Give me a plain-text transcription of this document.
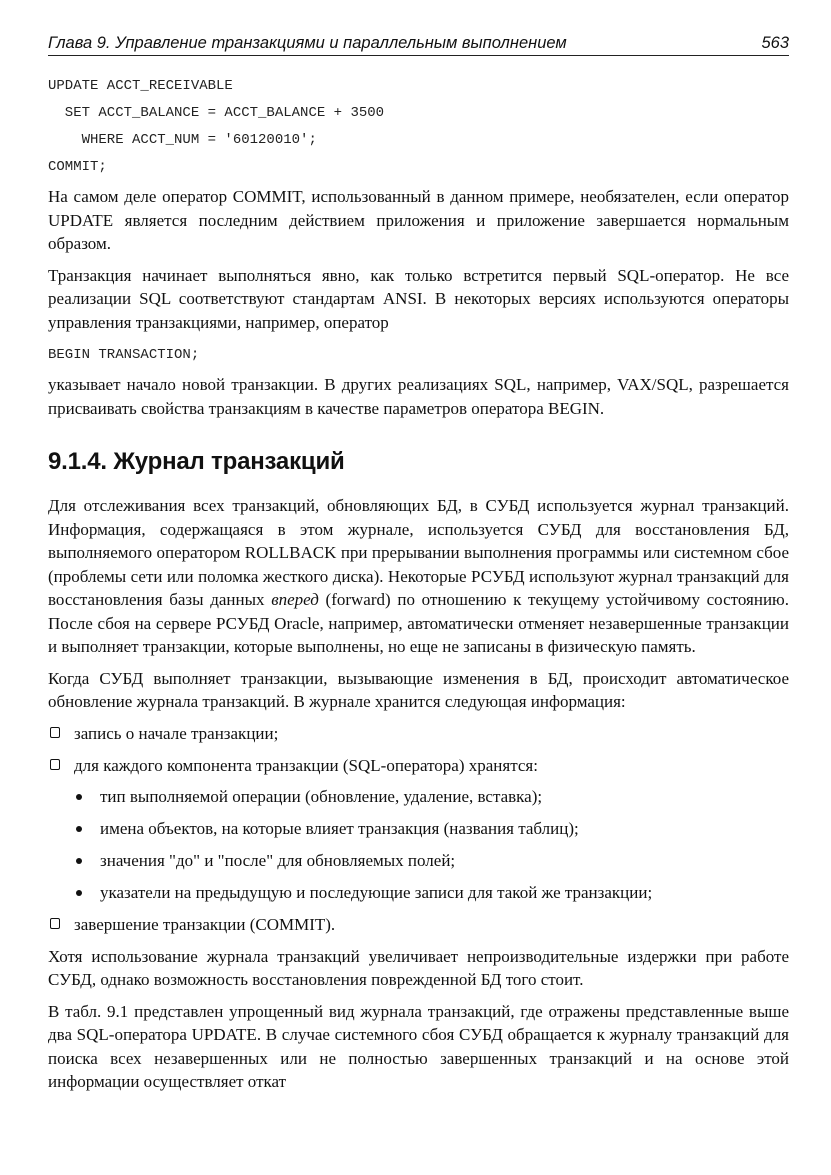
Глава 9. Управление транзакциями и параллельным выполнением	563
UPDATE ACCT_RECEIVABLE
SET ACCT_BALANCE = ACCT_BALANCE + 3500
WHERE ACCT_NUM = '60120010';
COMMIT;

На самом деле оператор COMMIT, использованный в данном примере, необязателен, если оператор UPDATE является последним действием приложения и приложение завершается нормальным образом.

Транзакция начинает выполняться явно, как только встретится первый SQL-оператор. Не все реализации SQL соответствуют стандартам ANSI. В некоторых версиях используются операторы управления транзакциями, например, оператор

BEGIN TRANSACTION;

указывает начало новой транзакции. В других реализациях SQL, например, VAX/SQL, разрешается присваивать свойства транзакциям в качестве параметров оператора BEGIN.

9.1.4. Журнал транзакций

Для отслеживания всех транзакций, обновляющих БД, в СУБД используется журнал транзакций. Информация, содержащаяся в этом журнале, используется СУБД для восстановления БД, выполняемого оператором ROLLBACK при прерывании выполнения программы или системном сбое (проблемы сети или поломка жесткого диска). Некоторые РСУБД используют журнал транзакций для восстановления базы данных вперед (forward) по отношению к текущему устойчивому состоянию. После сбоя на сервере РСУБД Oracle, например, автоматически отменяет незавершенные транзакции и выполняет транзакции, которые выполнены, но еще не записаны в физическую память.

Когда СУБД выполняет транзакции, вызывающие изменения в БД, происходит автоматическое обновление журнала транзакций. В журнале хранится следующая информация:

запись о начале транзакции;
для каждого компонента транзакции (SQL-оператора) хранятся:
тип выполняемой операции (обновление, удаление, вставка);
имена объектов, на которые влияет транзакция (названия таблиц);
значения "до" и "после" для обновляемых полей;
указатели на предыдущую и последующие записи для такой же транзакции;
завершение транзакции (COMMIT).

Хотя использование журнала транзакций увеличивает непроизводительные издержки при работе СУБД, однако возможность восстановления поврежденной БД того стоит.

В табл. 9.1 представлен упрощенный вид журнала транзакций, где отражены представленные выше два SQL-оператора UPDATE. В случае системного сбоя СУБД обращается к журналу транзакций для поиска всех незавершенных или не полностью завершенных транзакций и на основе этой информации осуществляет откат
